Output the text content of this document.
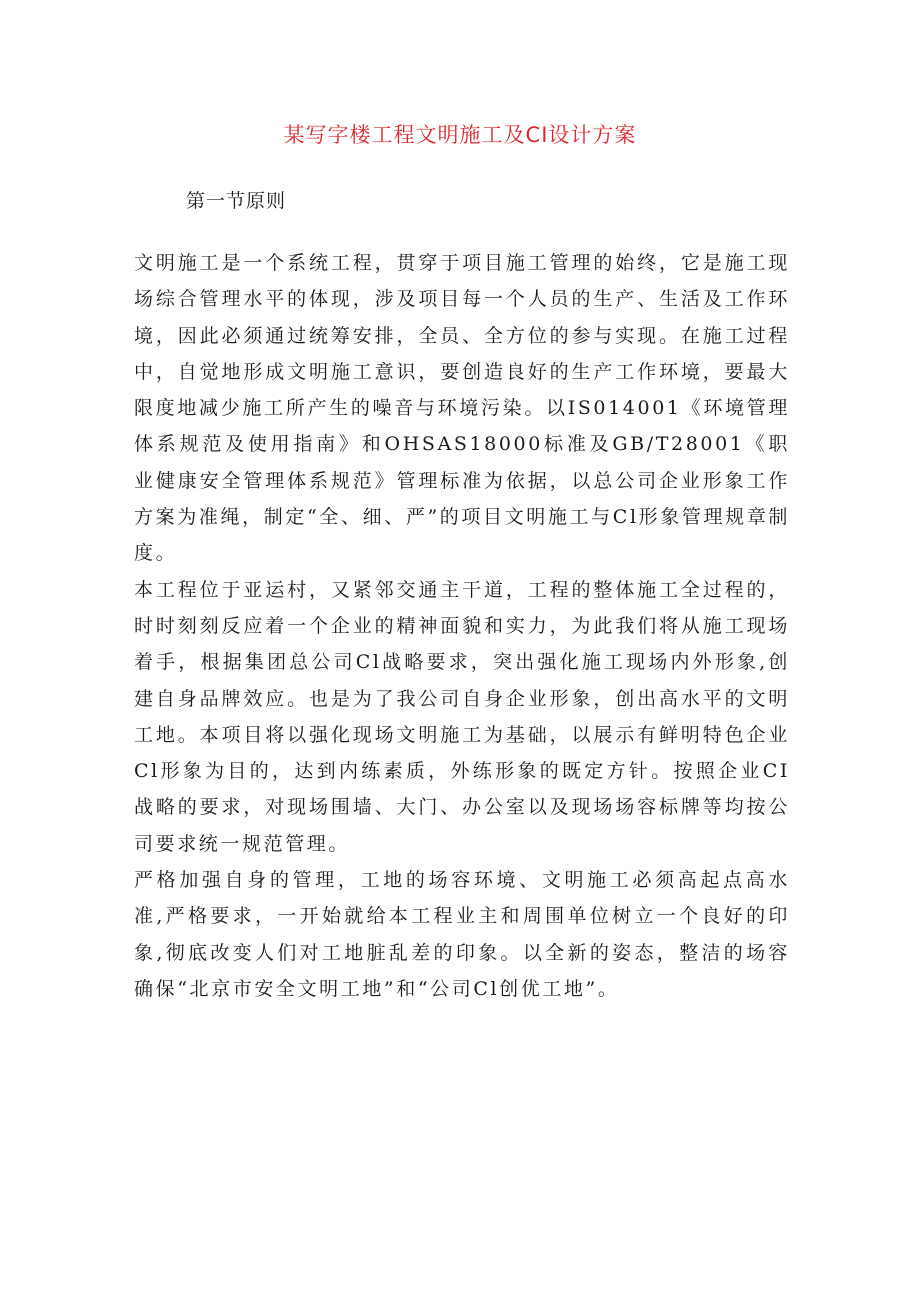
某写字楼工程文明施工及CI设计方案
第一节原则

文明施工是一个系统工程，贯穿于项目施工管理的始终，它是施工现场综合管理水平的体现，涉及项目每一个人员的生产、生活及工作环境，因此必须通过统筹安排，全员、全方位的参与实现。在施工过程中，自觉地形成文明施工意识，要创造良好的生产工作环境，要最大限度地减少施工所产生的噪音与环境污染。以IS014001《环境管理体系规范及使用指南》和OHSAS18000标准及GB/T28001《职业健康安全管理体系规范》管理标准为依据，以总公司企业形象工作方案为准绳，制定“全、细、严”的项目文明施工与Cl形象管理规章制度。

本工程位于亚运村，又紧邻交通主干道，工程的整体施工全过程的，时时刻刻反应着一个企业的精神面貌和实力，为此我们将从施工现场着手，根据集团总公司Cl战略要求，突出强化施工现场内外形象,创建自身品牌效应。也是为了我公司自身企业形象，创出高水平的文明工地。本项目将以强化现场文明施工为基础，以展示有鲜明特色企业Cl形象为目的，达到内练素质，外练形象的既定方针。按照企业CI战略的要求，对现场围墙、大门、办公室以及现场场容标牌等均按公司要求统一规范管理。

严格加强自身的管理，工地的场容环境、文明施工必须高起点高水准,严格要求，一开始就给本工程业主和周围单位树立一个良好的印象,彻底改变人们对工地脏乱差的印象。以全新的姿态，整洁的场容确保“北京市安全文明工地”和“公司Cl创优工地”。
